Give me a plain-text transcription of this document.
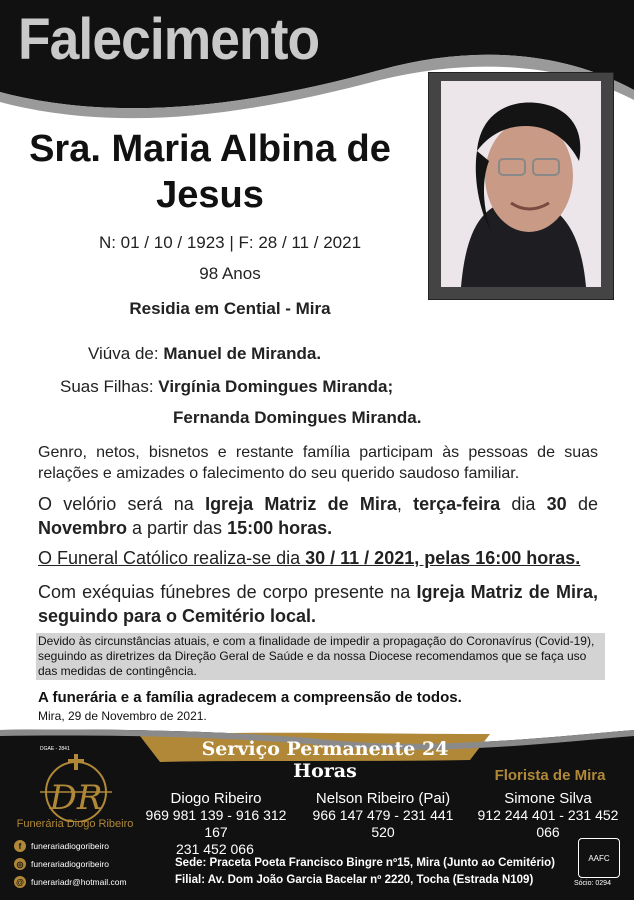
Falecimento
Sra. Maria Albina de
Jesus
N: 01 / 10 / 1923 | F: 28 / 11 / 2021
98 Anos
Residia em Cential - Mira
Viúva de: Manuel de Miranda.
Suas Filhas: Virgínia Domingues Miranda;
Fernanda Domingues Miranda.
Genro, netos, bisnetos e restante família participam às pessoas de suas relações e amizades o falecimento do seu querido saudoso familiar.
O velório será na Igreja Matriz de Mira, terça-feira dia 30 de Novembro a partir das 15:00 horas.
O Funeral Católico realiza-se dia 30 / 11 / 2021, pelas 16:00 horas.
Com exéquias fúnebres de corpo presente na Igreja Matriz de Mira, seguindo para o Cemitério local.
Devido às circunstâncias atuais, e com a finalidade de impedir a propagação do Coronavírus (Covid-19), seguindo as diretrizes da Direção Geral de Saúde e da nossa Diocese recomendamos que se faça uso das medidas de contingência.
A funerária e a família agradecem a compreensão de todos.
Mira, 29 de Novembro de 2021.
DGAE - 2841	Serviço Permanente 24 Horas
DR
Funerária Diogo Ribeiro
f	funerariadiogoribeiro
◎ funerariadiogoribeiro
@ funerariadr@hotmail.com
Florista de Mira
Diogo Ribeiro
969 981 139 - 916 312 167
231 452 066
Nelson Ribeiro (Pai)
966 147 479 - 231 441 520
Simone Silva
912 244 401 - 231 452 066
Sede: Praceta Poeta Francisco Bingre nº15, Mira (Junto ao Cemitério)
Filial: Av. Dom João Garcia Bacelar nº 2220, Tocha (Estrada N109)
AAFC
Sócio: 0294
